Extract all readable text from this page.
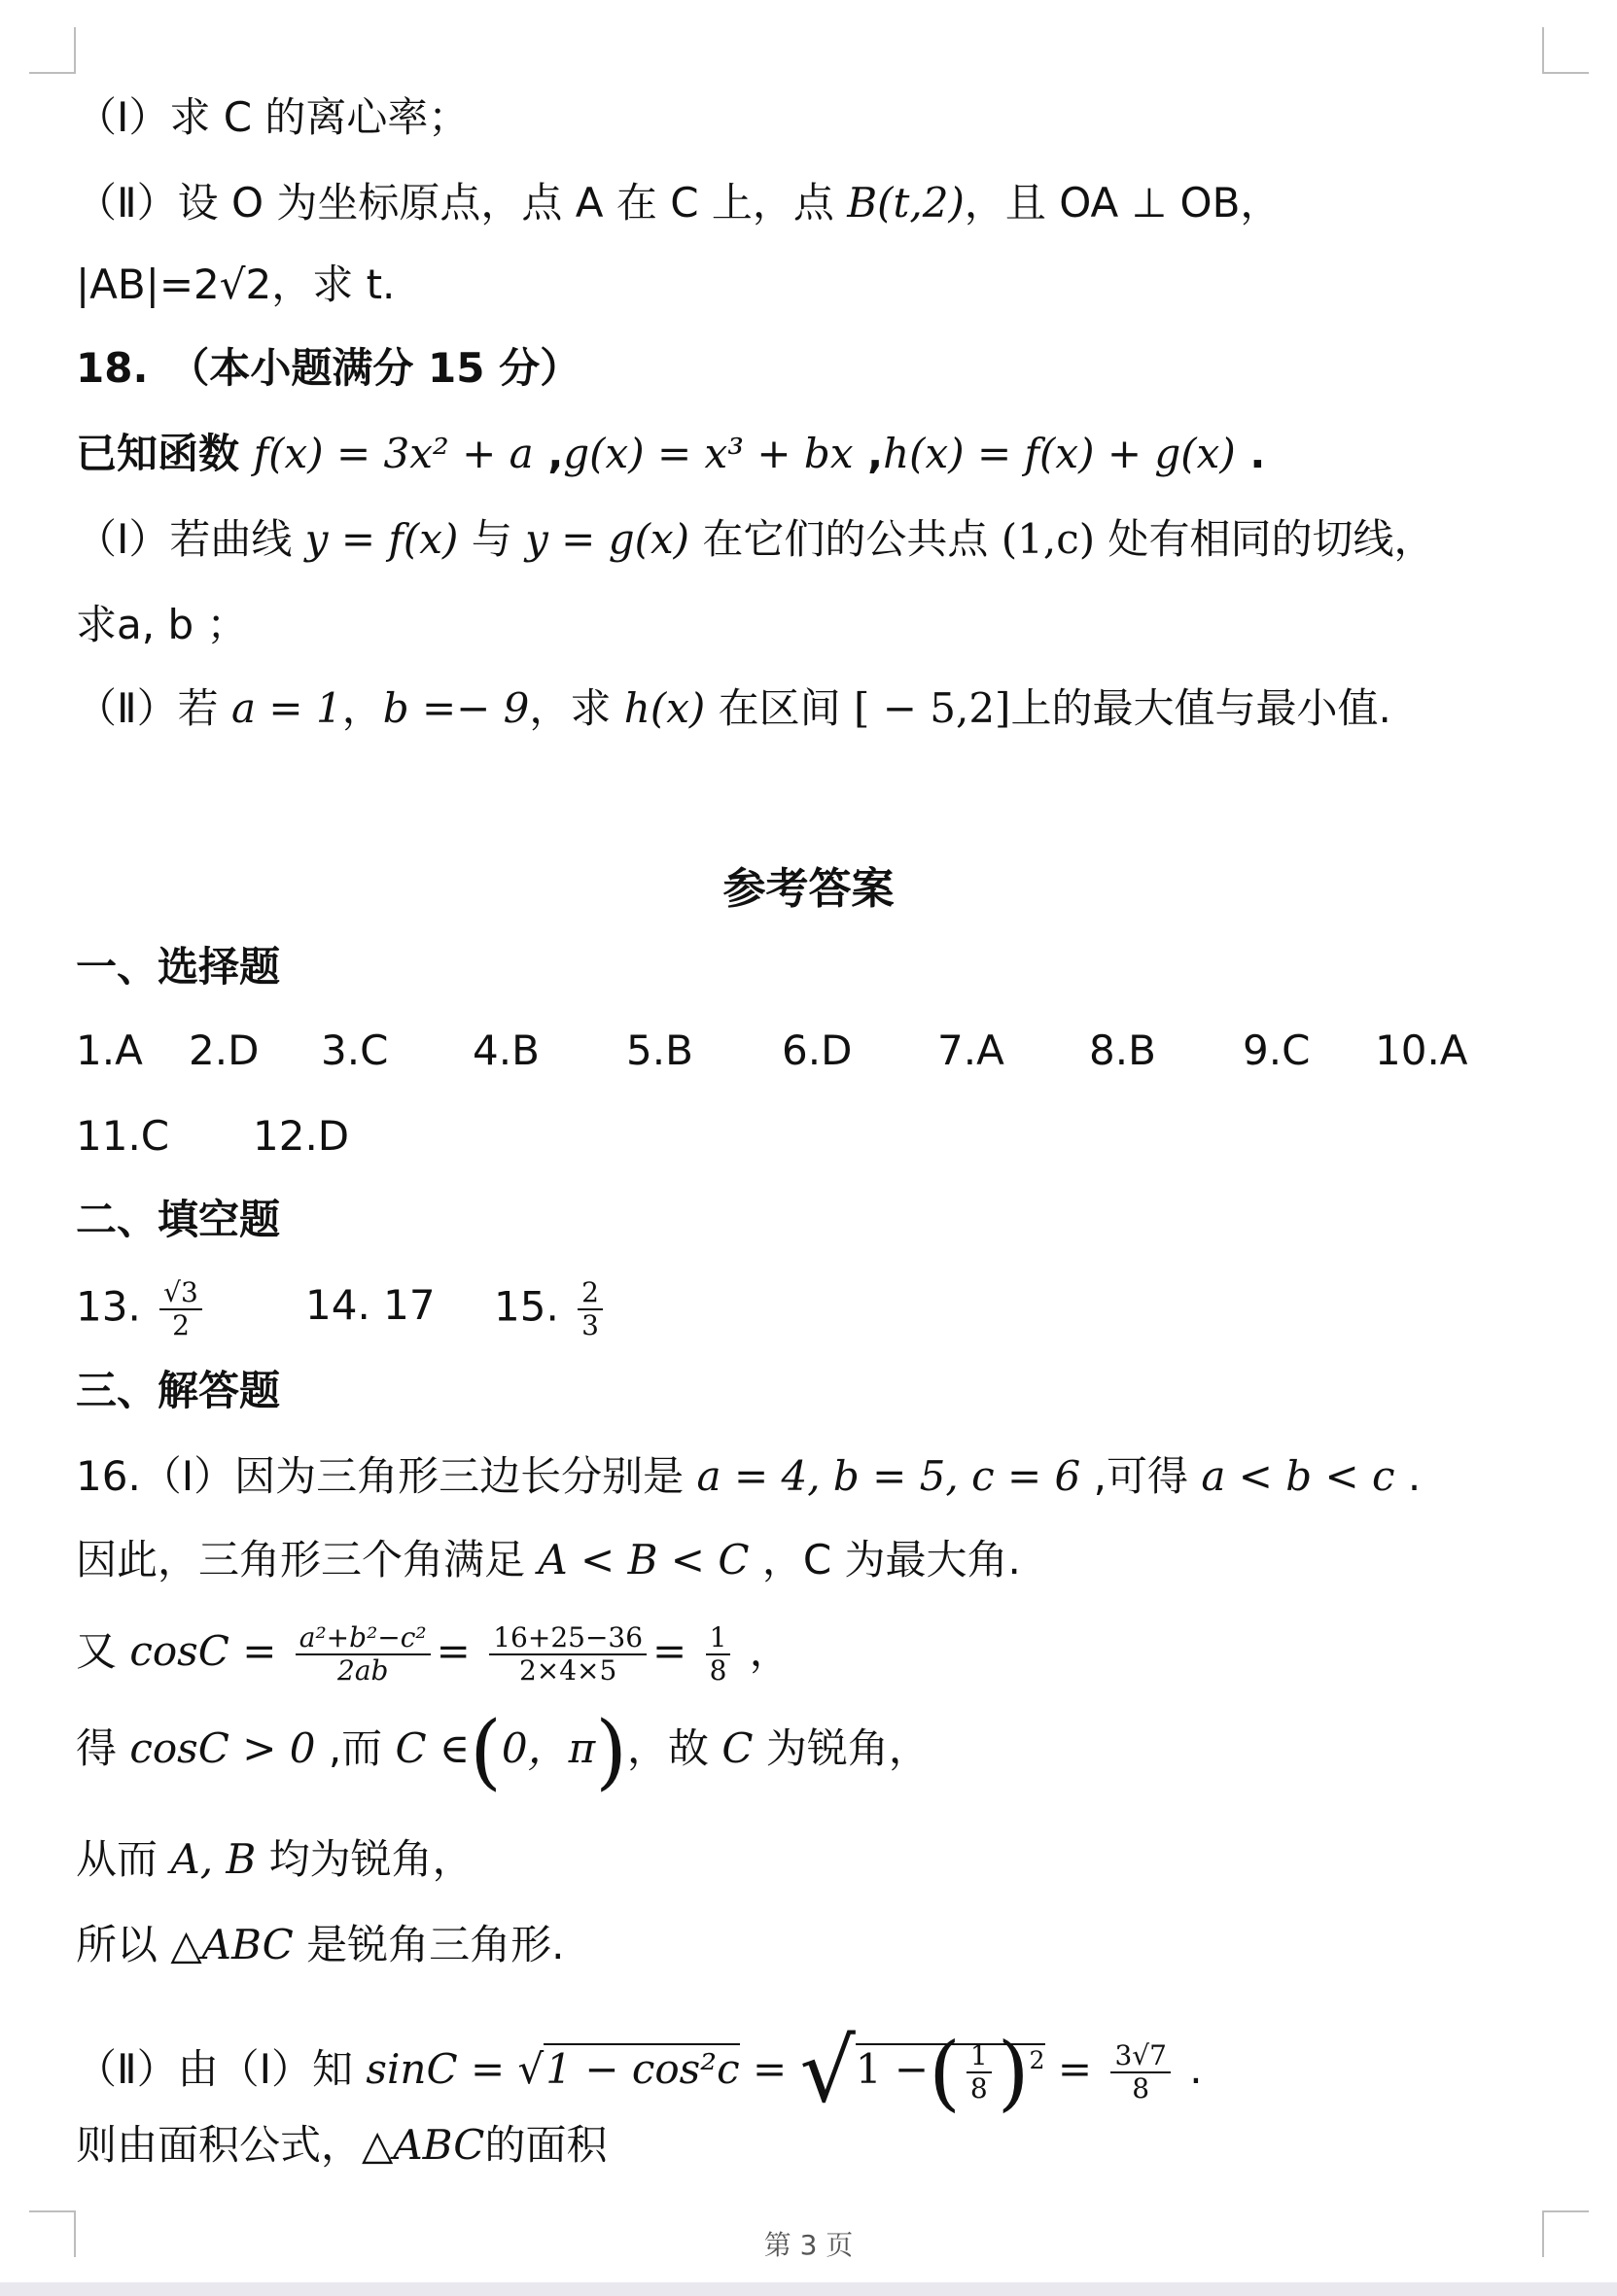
（Ⅰ）求 C 的离心率；
（Ⅱ）设 O 为坐标原点，点 A 在 C 上，点 B(t,2)，且 OA ⊥ OB，
|AB|=2√2，求 t.
18.　（本小题满分 15 分）
已知函数 f(x) = 3x² + a ,g(x) = x³ + bx ,h(x) = f(x) + g(x) .
（Ⅰ）若曲线 y = f(x) 与 y = g(x) 在它们的公共点 (1,c) 处有相同的切线，
求a, b ；
（Ⅱ）若 a = 1，b =− 9，求 h(x) 在区间 [ − 5,2]上的最大值与最小值.
参考答案
一、选择题
1.A 2.D 3.C 4.B 5.B 6.D 7.A 8.B 9.C 10.A
11.C 12.D
二、填空题
13. $\frac{√3}{2}$	14. 17 15. $\frac{2}{3}$
三、解答题
16.（Ⅰ）因为三角形三边长分别是 a = 4, b = 5, c = 6 ,可得 a < b < c .
因此，三角形三个角满足 A < B < C ，C 为最大角.
又 $\cos C = \frac{\text{a²+b²−c²}}{2ab} = \frac{16+25-36}{2\times 4\times 5} = \frac{1}{8}$ ，
得 cosC > 0 ,而 C ∈(0，π)，故 C 为锐角，
从而 A, B 均为锐角，
所以 △ABC 是锐角三角形.
（Ⅱ）由（Ⅰ）知 sinC = √1 − cos²c = √1 −( $\frac{1}{8} )^2 = \frac{3√7}{8}$ .
则由面积公式，△ABC的面积
第 3 页
